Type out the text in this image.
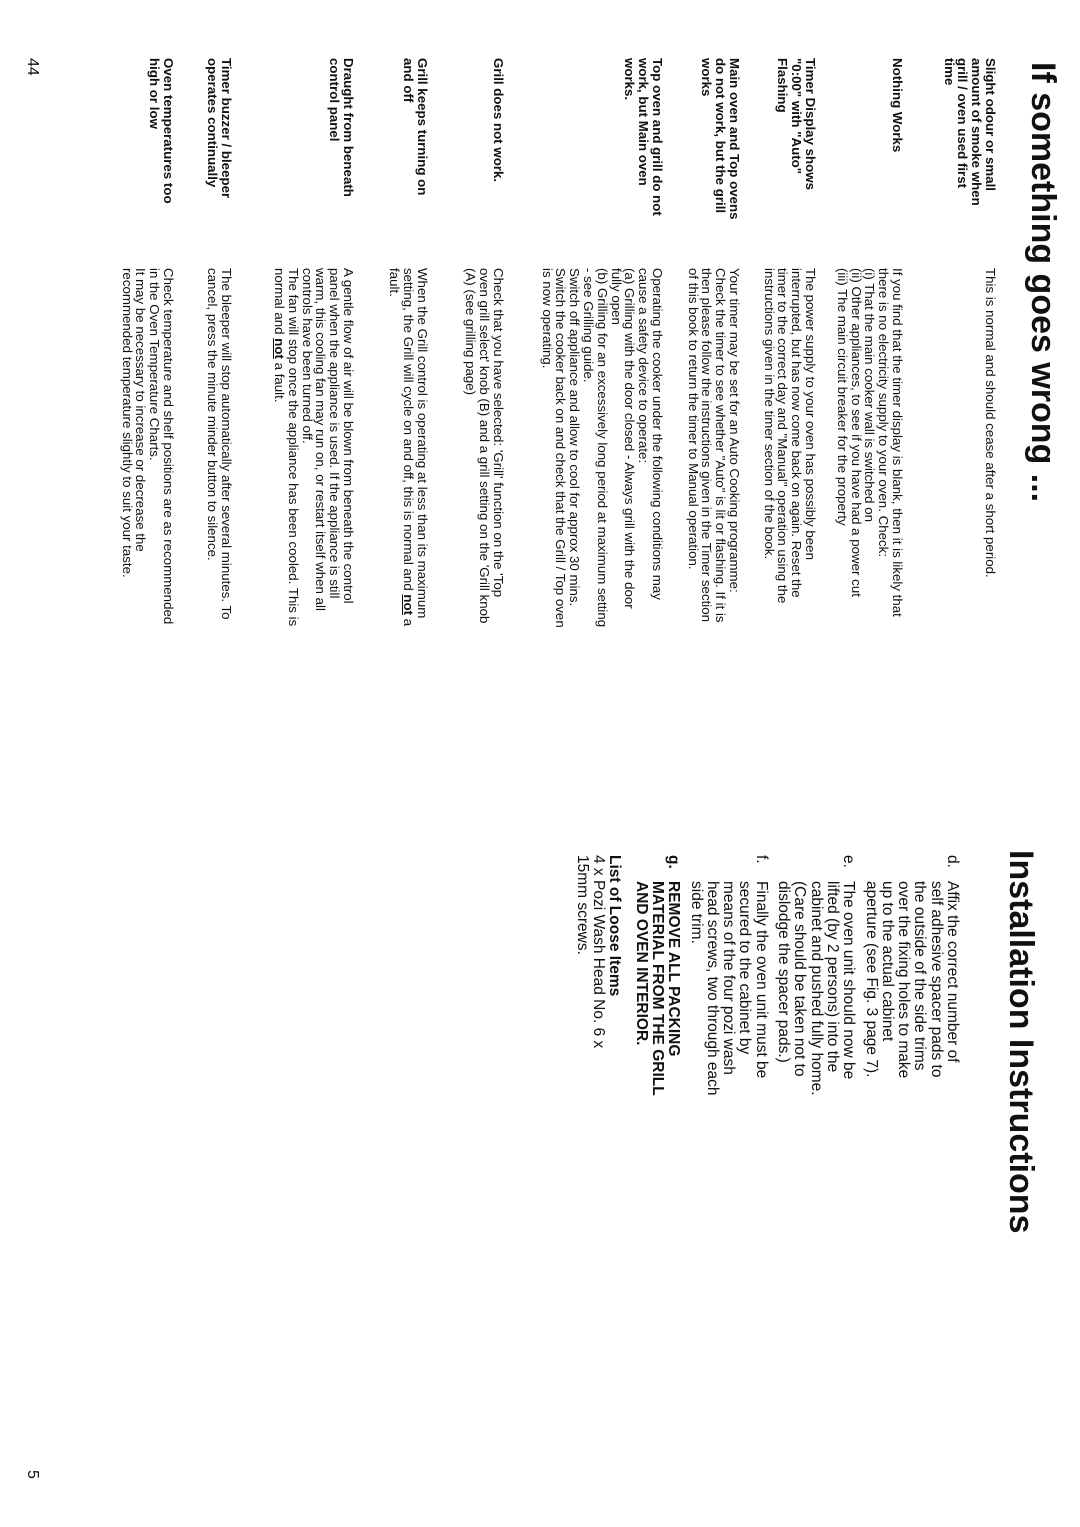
If something goes wrong ...
44	Slight odour or small
amount of smoke when
grill / oven used first
time
This is normal and should cease after a short period.
Nothing Works
If you find that the timer display is blank, then it is likely that
there is no electricity supply to your oven. Check:
(i) That the main cooker wall is switched on
(ii) Other appliances, to see if you have had a power cut
(iii) The main circuit breaker for the property
Timer Display shows
"0:00" with "Auto"
Flashing
The power supply to your oven has possibly been
interrupted, but has now come back on again. Reset the
timer to the correct day and "Manual" operation using the
instructions given in the timer section of the book.
Main oven and Top ovens
do not work, but the grill
works
Your timer may be set for an Auto Cooking programme:
Check the timer to see whether "Auto" is lit or flashing. If it is
then please follow the instructions given in the Timer section
of this book to return the timer to Manual operation.
Top oven and grill do not
work, but Main oven
works.
Operating the cooker under the following conditions may
cause a safety device to operate:
(a) Grilling with the door closed - Always grill with the door
fully open
(b) Grilling for an excessively long period at maximum setting
- see Grilling guide.
Switch off appliance and allow to cool for approx 30 mins.
Switch the cooker back on and check that the Grill / Top oven
is now operating.
Grill does not work.
Check that you have selected: 'Grill' function on the 'Top
oven grill select' knob (B) and a grill setting on the 'Grill knob
(A) (see grilling page)
Grill keeps turning on
and off
When the Grill control is operating at less than its maximum
setting, the Grill will cycle on and off, this is normal and not a
fault.
Draught from beneath
control panel
A gentle flow of air will be blown from beneath the control
panel when the appliance is used. If the appliance is still
warm, this cooling fan may run on, or restart itself when all
controls have been turned off.
The fan will stop once the appliance has been cooled. This is
normal and not a fault.
Timer buzzer / bleeper
operates continually
The bleeper will stop automatically after several minutes. To
cancel, press the minute minder button to silence.
Oven temperatures too
high or low
Check temperature and shelf positions are as recommended
in the Oven Temperature Charts.
It may be necessary to increase or decrease the
recommended temperature slightly to suit your taste.
Installation Instructions
5
d.
Affix the correct number of
self adhesive spacer pads to
the outside of the side trims
over the fixing holes to make
up to the actual cabinet
aperture (see Fig. 3 page 7).
e.
The oven unit should now be
lifted (by 2 persons) into the
cabinet and pushed fully home.
(Care should be taken not to
dislodge the spacer pads.)
f.
Finally the oven unit must be
secured to the cabinet by
means of the four pozi wash
head screws, two through each
side trim.
g.
REMOVE ALL PACKING
MATERIAL FROM THE GRILL
AND OVEN INTERIOR.
List of Loose Items
4 x Pozi Wash Head No. 6 x
15mm screws.
